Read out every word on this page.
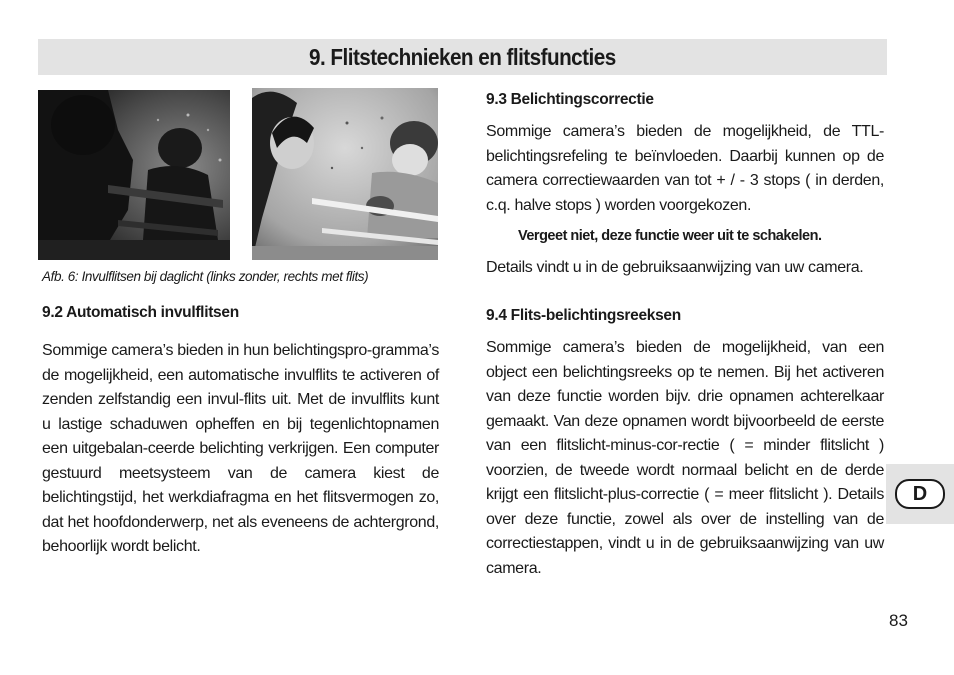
9. Flitstechnieken en flitsfuncties
Afb. 6: Invulflitsen bij daglicht (links zonder, rechts met flits)
9.2 Automatisch invulflitsen

Sommige camera’s bieden in hun belichtingspro-gramma’s de mogelijkheid, een automatische invulflits te activeren of zenden zelfstandig een invul-flits uit. Met de invulflits kunt u lastige schaduwen opheffen en bij tegenlichtopnamen een uitgebalan-ceerde belichting verkrijgen. Een computer gestuurd meetsysteem van de camera kiest de belichtingstijd, het werkdiafragma en het flitsvermogen zo, dat het hoofdonderwerp, net als eveneens de achtergrond, behoorlijk wordt belicht.

9.3 Belichtingscorrectie

Sommige camera’s bieden de mogelijkheid, de TTL-belichtingsrefeling te beïnvloeden. Daarbij kunnen op de camera correctiewaarden van tot + / - 3 stops ( in derden, c.q. halve stops ) worden voorgekozen.

Vergeet niet, deze functie weer uit te schakelen.

Details vindt u in de gebruiksaanwijzing van uw camera.

9.4 Flits-belichtingsreeksen

Sommige camera’s bieden de mogelijkheid, van een object een belichtingsreeks op te nemen. Bij het activeren van deze functie worden bijv. drie opnamen achterelkaar gemaakt. Van deze opnamen wordt bijvoorbeeld de eerste van een flitslicht-minus-cor-rectie ( = minder flitslicht ) voorzien, de tweede wordt normaal belicht en de derde krijgt een flitslicht-plus-correctie ( = meer flitslicht ). Details over deze functie, zowel als over de instelling van de correctiestappen, vindt u in de gebruiksaanwijzing van uw camera.

D
83
